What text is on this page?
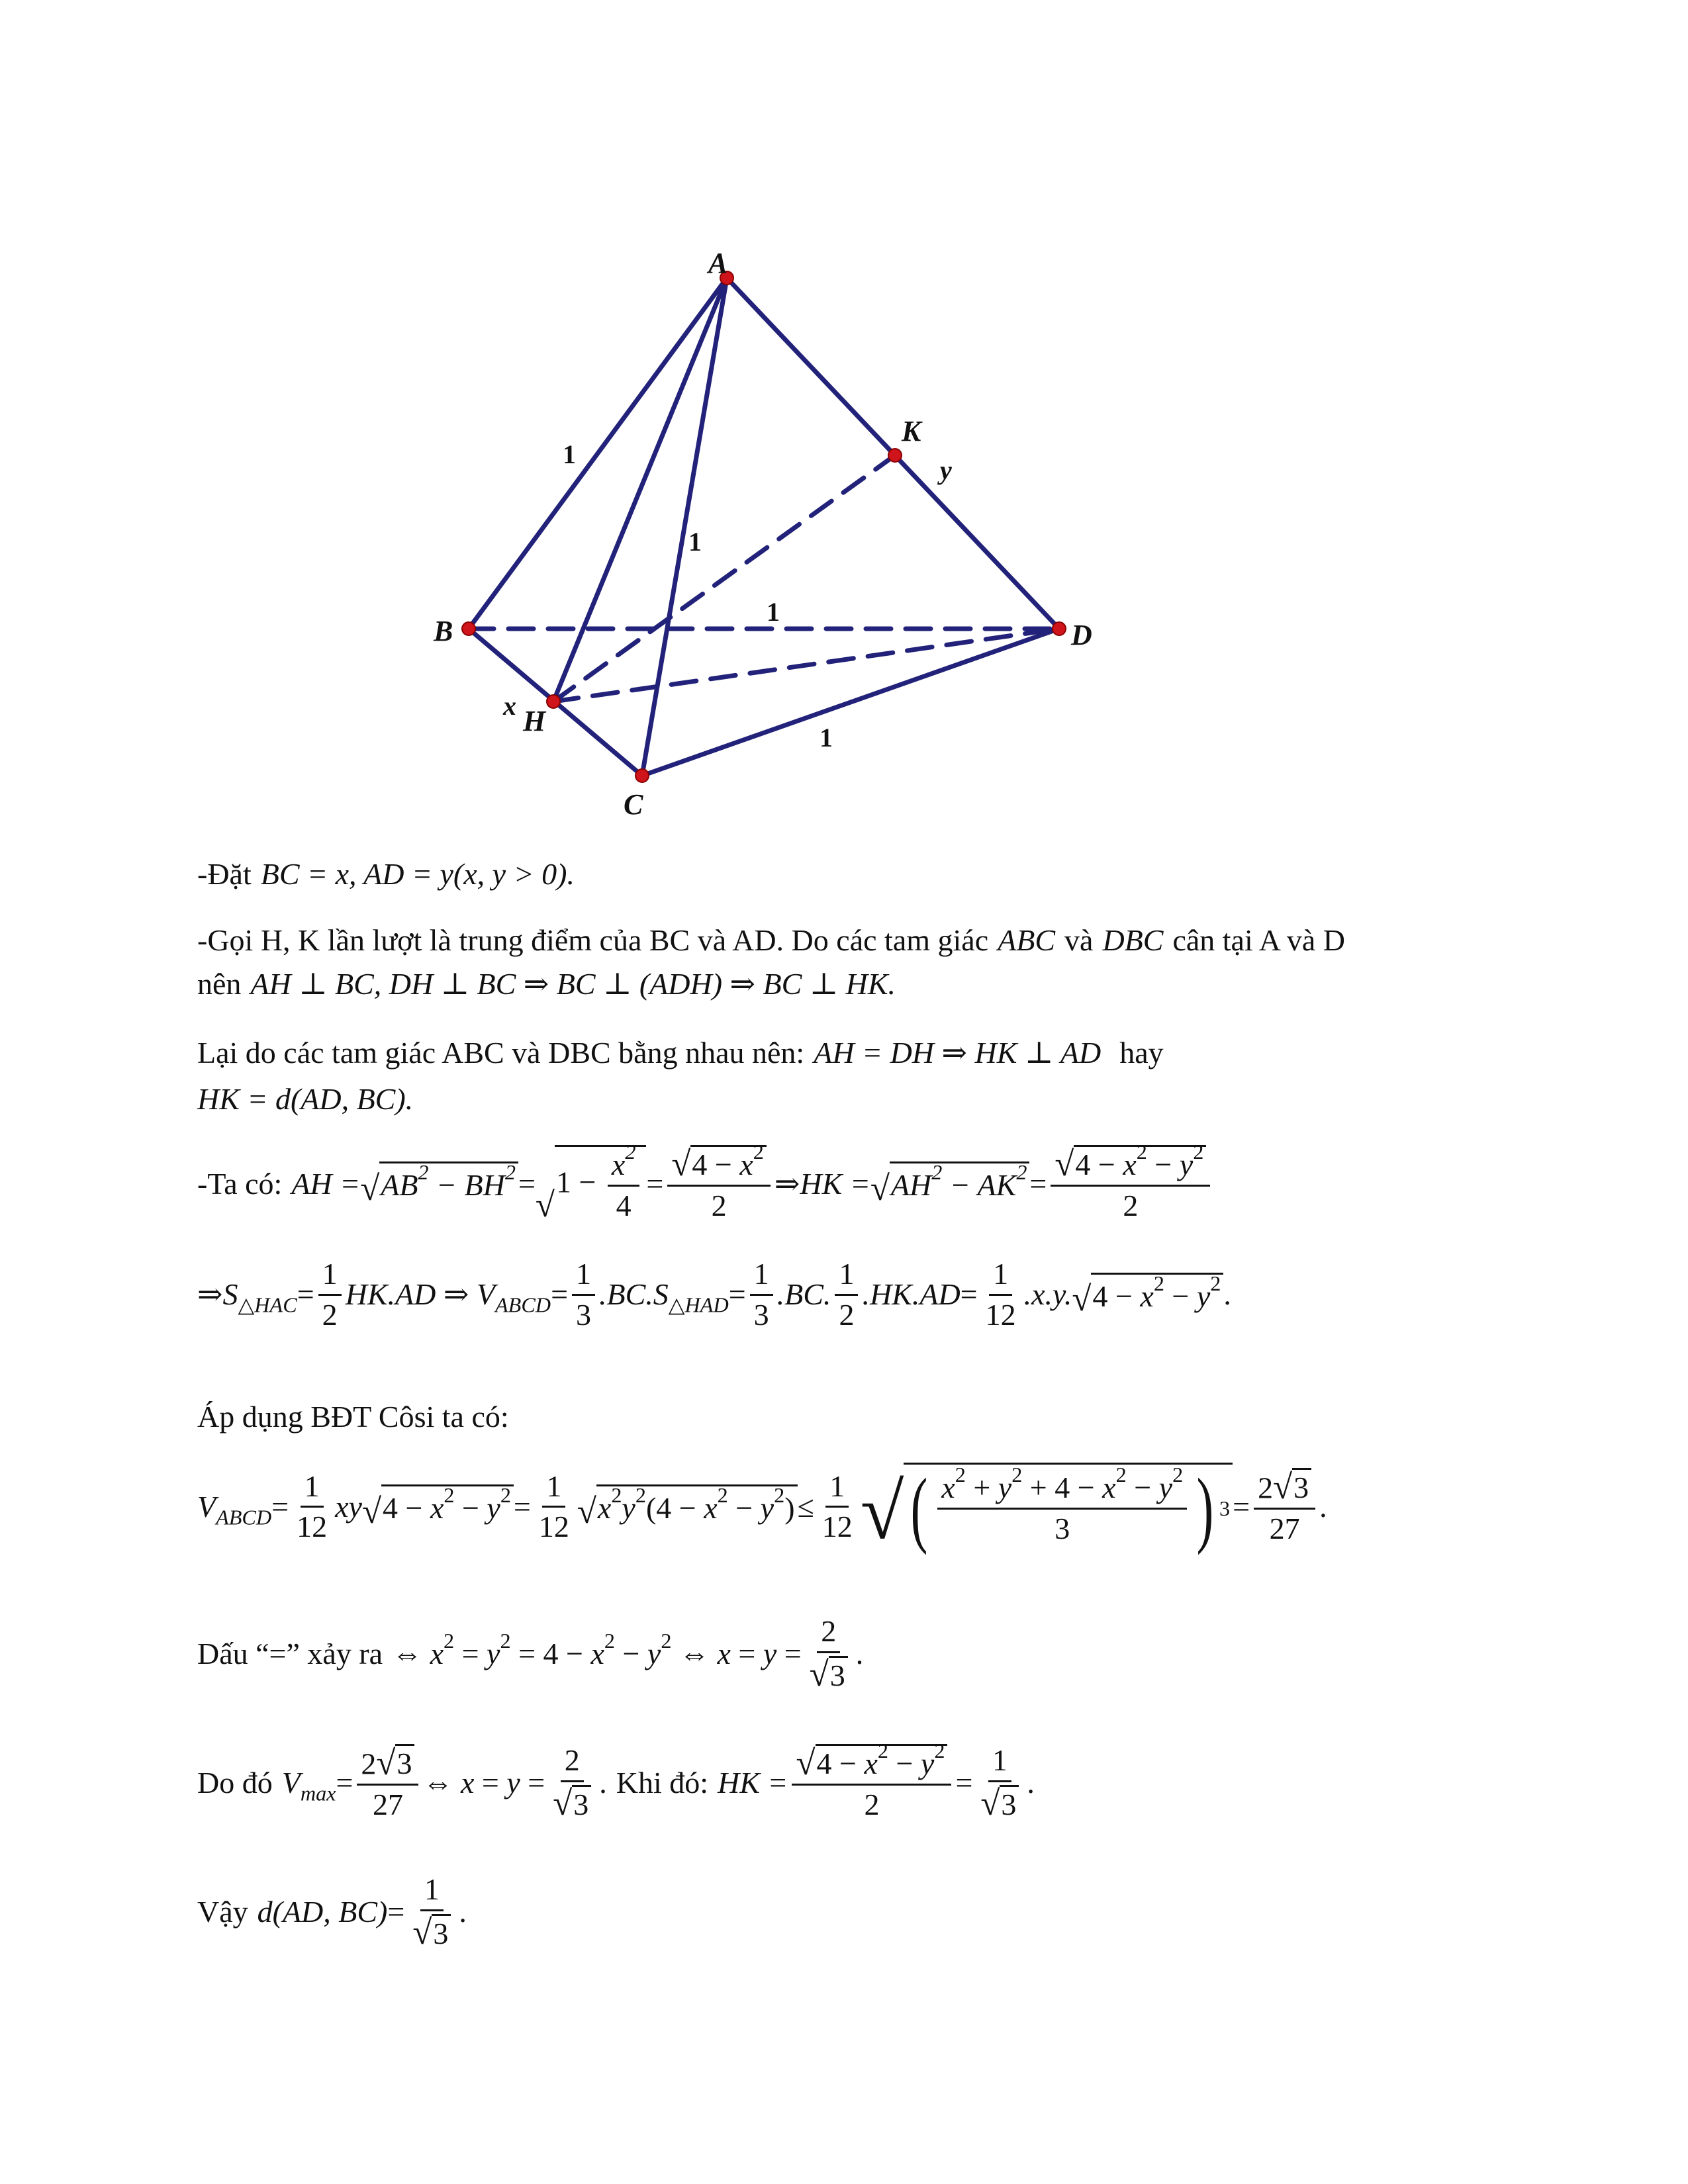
A
B
C
D
H
K
1
1
1
1
x
y
-Đặt BC = x, AD = y(x, y > 0).
-Gọi H, K lần lượt là trung điểm của BC và AD. Do các tam giác ABC và DBC cân tại A và D
nên AH ⊥ BC, DH ⊥ BC ⇒ BC ⊥ (ADH) ⇒ BC ⊥ HK.
Lại do các tam giác ABC và DBC bằng nhau nên: AH = DH ⇒ HK ⊥ AD hay
HK = d(AD, BC).
-Ta có: AH = √ $AB^2 - BH^2$ =
√
$1 - \frac{x^2}{4} = \frac{√ 4 - x^2}{2}$ ⇒ HK = √ $AH^2 - AK^2 = \frac{√ 4 - x^2 - y^2}{2}$
⇒ $S_{\triangle HAC} = \frac{1}{2} HK.AD$ ⇒ $V_{ABCD} = \frac{1}{3} .BC.S_{\triangle HAD} = \frac{1}{3} .BC$. $\frac{1}{2} .HK.AD = \frac{1}{12} .x.y$. √ $4 - x^2 - y^2$ .
Áp dụng BĐT Côsi ta có:
$V_{ABCD} = \frac{1}{12}$ xy √ $4 - x^2 - y^2 = \frac{1}{12}$ √ $x^2y^2(4 - x^2 - y^2) \le \frac{1}{12}$ √ ( $\frac{x^2 + y^2 + 4 - x^2 - y^2}{3}$ ) $3 = \frac{2 √ 3}{27}$ .
Dấu “=” xảy ra ⇔ $x^2 = y^2 = 4 - x^2 - y^2$ ⇔ $x = y = \frac{2}{√ 3}$ .
Do đó $V_{max} = \frac{2 √ 3}{27}$ ⇔ $x = y = \frac{2}{√ 3}$ . Khi đó: HK = $\frac{√ 4 - x^2 - y^2}{2} = \frac{1}{√ 3}$ .
Vậy d(AD, $BC) = \frac{1}{√ 3}$ .
